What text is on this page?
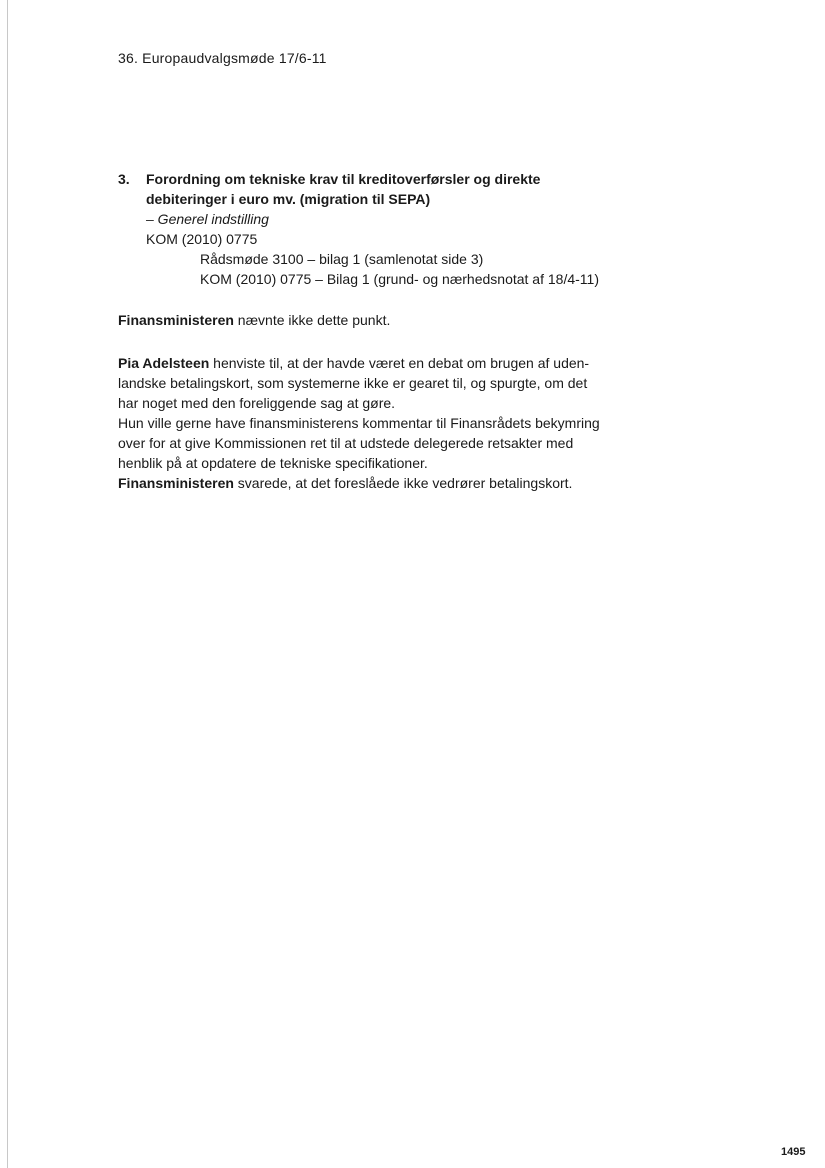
36. Europaudvalgsmøde 17/6-11
3.	Forordning om tekniske krav til kreditoverførsler og direkte
debiteringer i euro mv. (migration til SEPA)
– Generel indstilling
KOM (2010) 0775
Rådsmøde 3100 – bilag 1 (samlenotat side 3)
KOM (2010) 0775 – Bilag 1 (grund- og nærhedsnotat af 18/4-11)
Finansministeren nævnte ikke dette punkt.
Pia Adelsteen henviste til, at der havde været en debat om brugen af uden-
landske betalingskort, som systemerne ikke er gearet til, og spurgte, om det
har noget med den foreliggende sag at gøre.
Hun ville gerne have finansministerens kommentar til Finansrådets bekymring
over for at give Kommissionen ret til at udstede delegerede retsakter med
henblik på at opdatere de tekniske specifikationer.
Finansministeren svarede, at det foreslåede ikke vedrører betalingskort.
1495
